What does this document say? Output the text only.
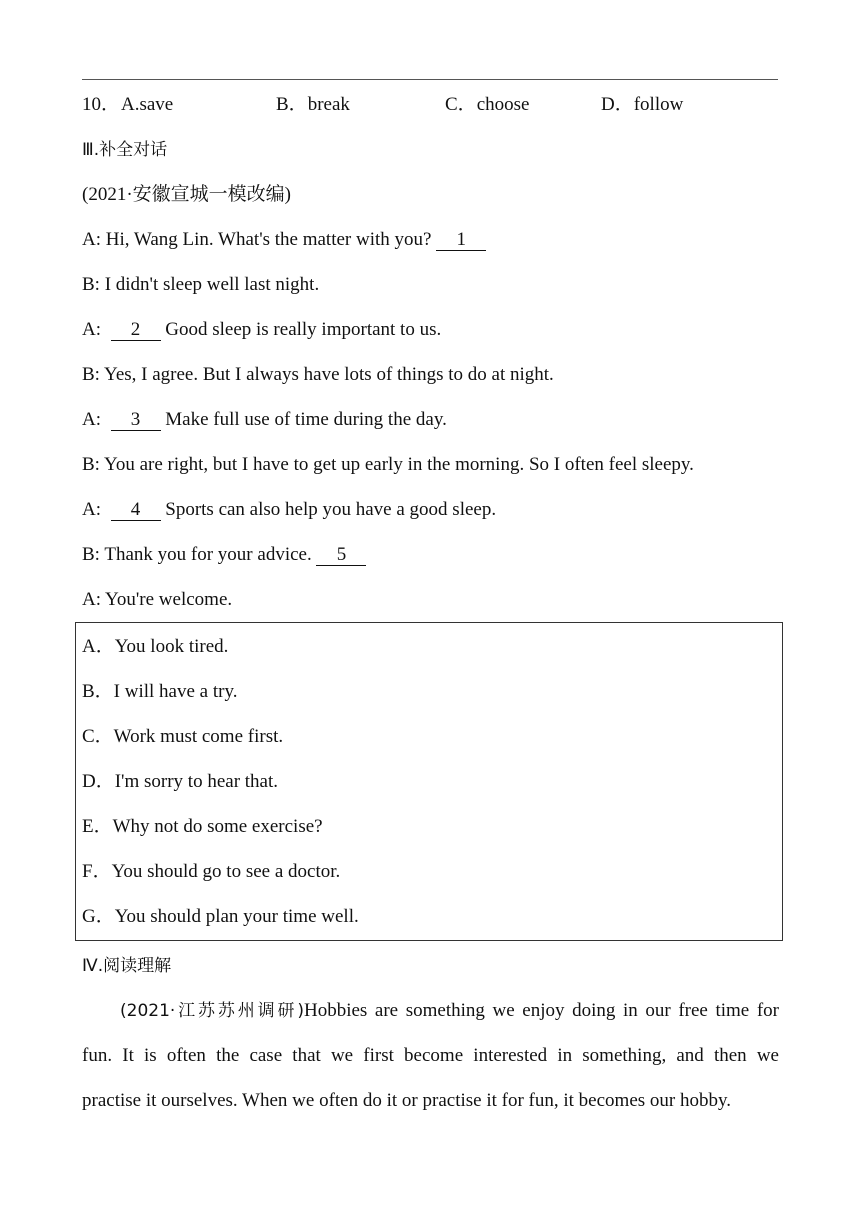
10． A.save	B．break	C．choose	D．follow
Ⅲ.补全对话
(2021·安徽宣城一模改编)
A: Hi, Wang Lin. What's the matter with you? 1
B: I didn't sleep well last night.
A: 2 Good sleep is really important to us.
B: Yes, I agree. But I always have lots of things to do at night.
A: 3 Make full use of time during the day.
B: You are right, but I have to get up early in the morning. So I often feel sleepy.
A: 4 Sports can also help you have a good sleep.
B: Thank you for your advice. 5
A: You're welcome.
A．You look tired.
B．I will have a try.
C．Work must come first.
D．I'm sorry to hear that.
E．Why not do some exercise?
F．You should go to see a doctor.
G．You should plan your time well.
Ⅳ.阅读理解
(2021·江苏苏州调研)Hobbies are something we enjoy doing in our free time for
fun. It is often the case that we first become interested in something, and then we
practise it ourselves. When we often do it or practise it for fun, it becomes our hobby.
